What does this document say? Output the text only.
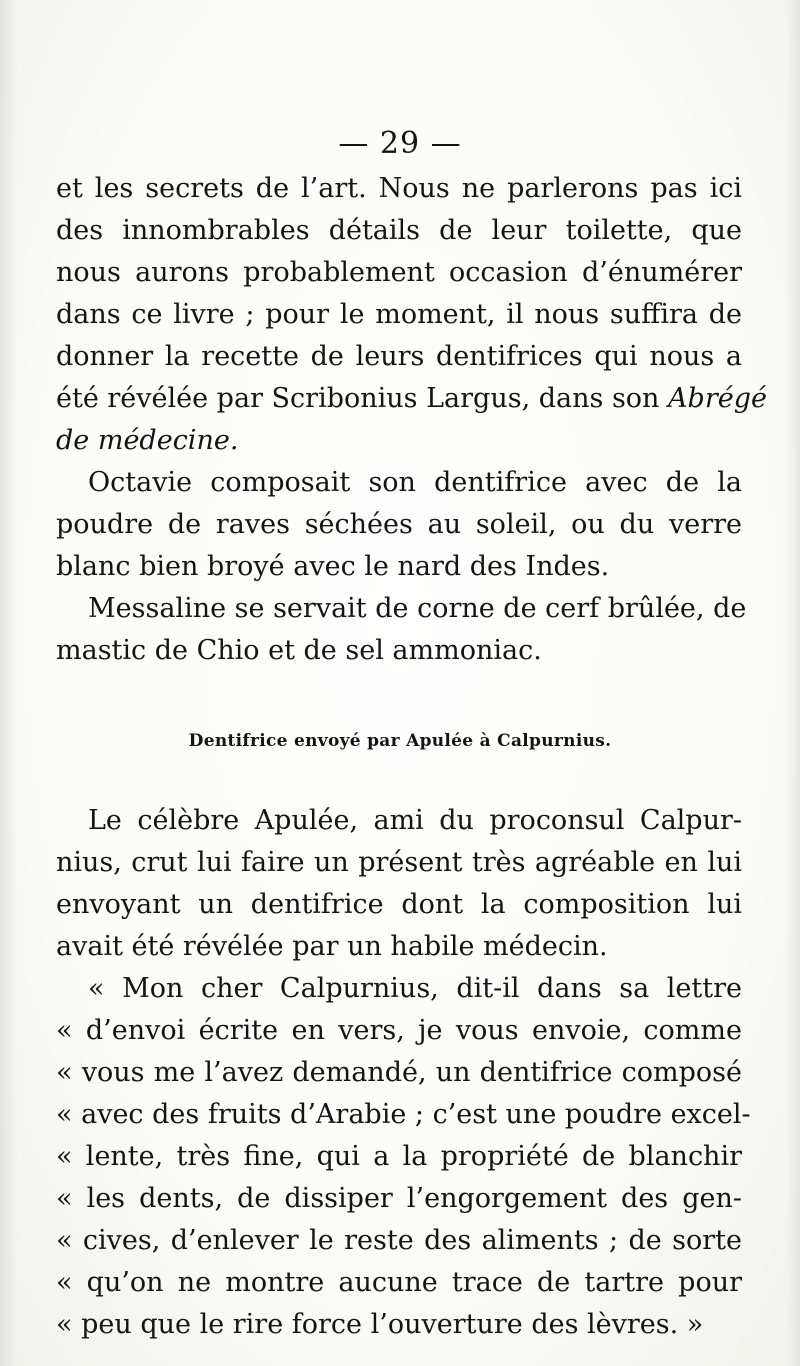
— 29 —
et les secrets de l’art. Nous ne parlerons pas ici
des innombrables détails de leur toilette, que
nous aurons probablement occasion d’énumérer
dans ce livre ; pour le moment, il nous suffira de
donner la recette de leurs dentifrices qui nous a
été révélée par Scribonius Largus, dans son Abrégé
de médecine.
Octavie composait son dentifrice avec de la
poudre de raves séchées au soleil, ou du verre
blanc bien broyé avec le nard des Indes.
Messaline se servait de corne de cerf brûlée, de
mastic de Chio et de sel ammoniac.
Dentifrice envoyé par Apulée à Calpurnius.
Le célèbre Apulée, ami du proconsul Calpur-
nius, crut lui faire un présent très agréable en lui
envoyant un dentifrice dont la composition lui
avait été révélée par un habile médecin.
« Mon cher Calpurnius, dit-il dans sa lettre
« d’envoi écrite en vers, je vous envoie, comme
« vous me l’avez demandé, un dentifrice composé
« avec des fruits d’Arabie ; c’est une poudre excel-
« lente, très fine, qui a la propriété de blanchir
« les dents, de dissiper l’engorgement des gen-
« cives, d’enlever le reste des aliments ; de sorte
« qu’on ne montre aucune trace de tartre pour
« peu que le rire force l’ouverture des lèvres. »
